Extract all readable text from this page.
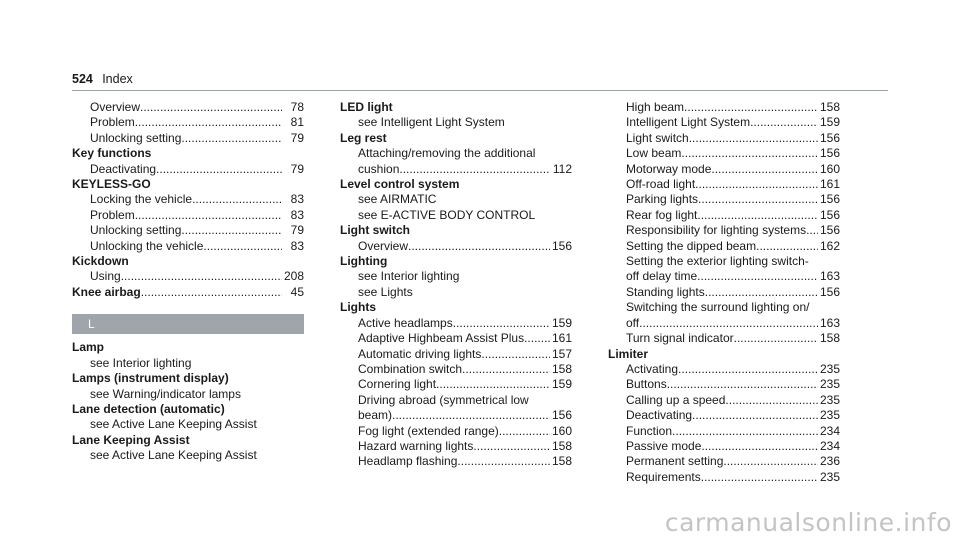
524 Index
Overview .....	78
Problem .....	81
Unlocking setting .....	79
Key functions
Deactivating .....	79
KEYLESS-GO
Locking the vehicle .....	83
Problem .....	83
Unlocking setting .....	79
Unlocking the vehicle .....	83
Kickdown
Using .....	208
Knee airbag .....	45
L
Lamp
see Interior lighting
Lamps (instrument display)
see Warning/indicator lamps
Lane detection (automatic)
see Active Lane Keeping Assist
Lane Keeping Assist
see Active Lane Keeping Assist
LED light
see Intelligent Light System
Leg rest
Attaching/removing the additional
cushion .....	112
Level control system
see AIRMATIC
see E-ACTIVE BODY CONTROL
Light switch
Overview .....	156
Lighting
see Interior lighting
see Lights
Lights
Active headlamps .....	159
Adaptive Highbeam Assist Plus ..... 161
Automatic driving lights .....	157
Combination switch .....	158
Cornering light .....	159
Driving abroad (symmetrical low
beam) .....	156
Fog light (extended range) .....	160
Hazard warning lights .....	158
Headlamp flashing .....	158
High beam .....	158
Intelligent Light System .....	159
Light switch .....	156
Low beam .....	156
Motorway mode .....	160
Off-road light .....	161
Parking lights .....	156
Rear fog light .....	156
Responsibility for lighting systems ..... 156
Setting the dipped beam .....	162
Setting the exterior lighting switch-
off delay time .....	163
Standing lights .....	156
Switching the surround lighting on/
off .....	163
Turn signal indicator .....	158
Limiter
Activating .....	235
Buttons .....	235
Calling up a speed .....	235
Deactivating .....	235
Function .....	234
Passive mode .....	234
Permanent setting .....	236
Requirements .....	235
carmanualsonline.info
